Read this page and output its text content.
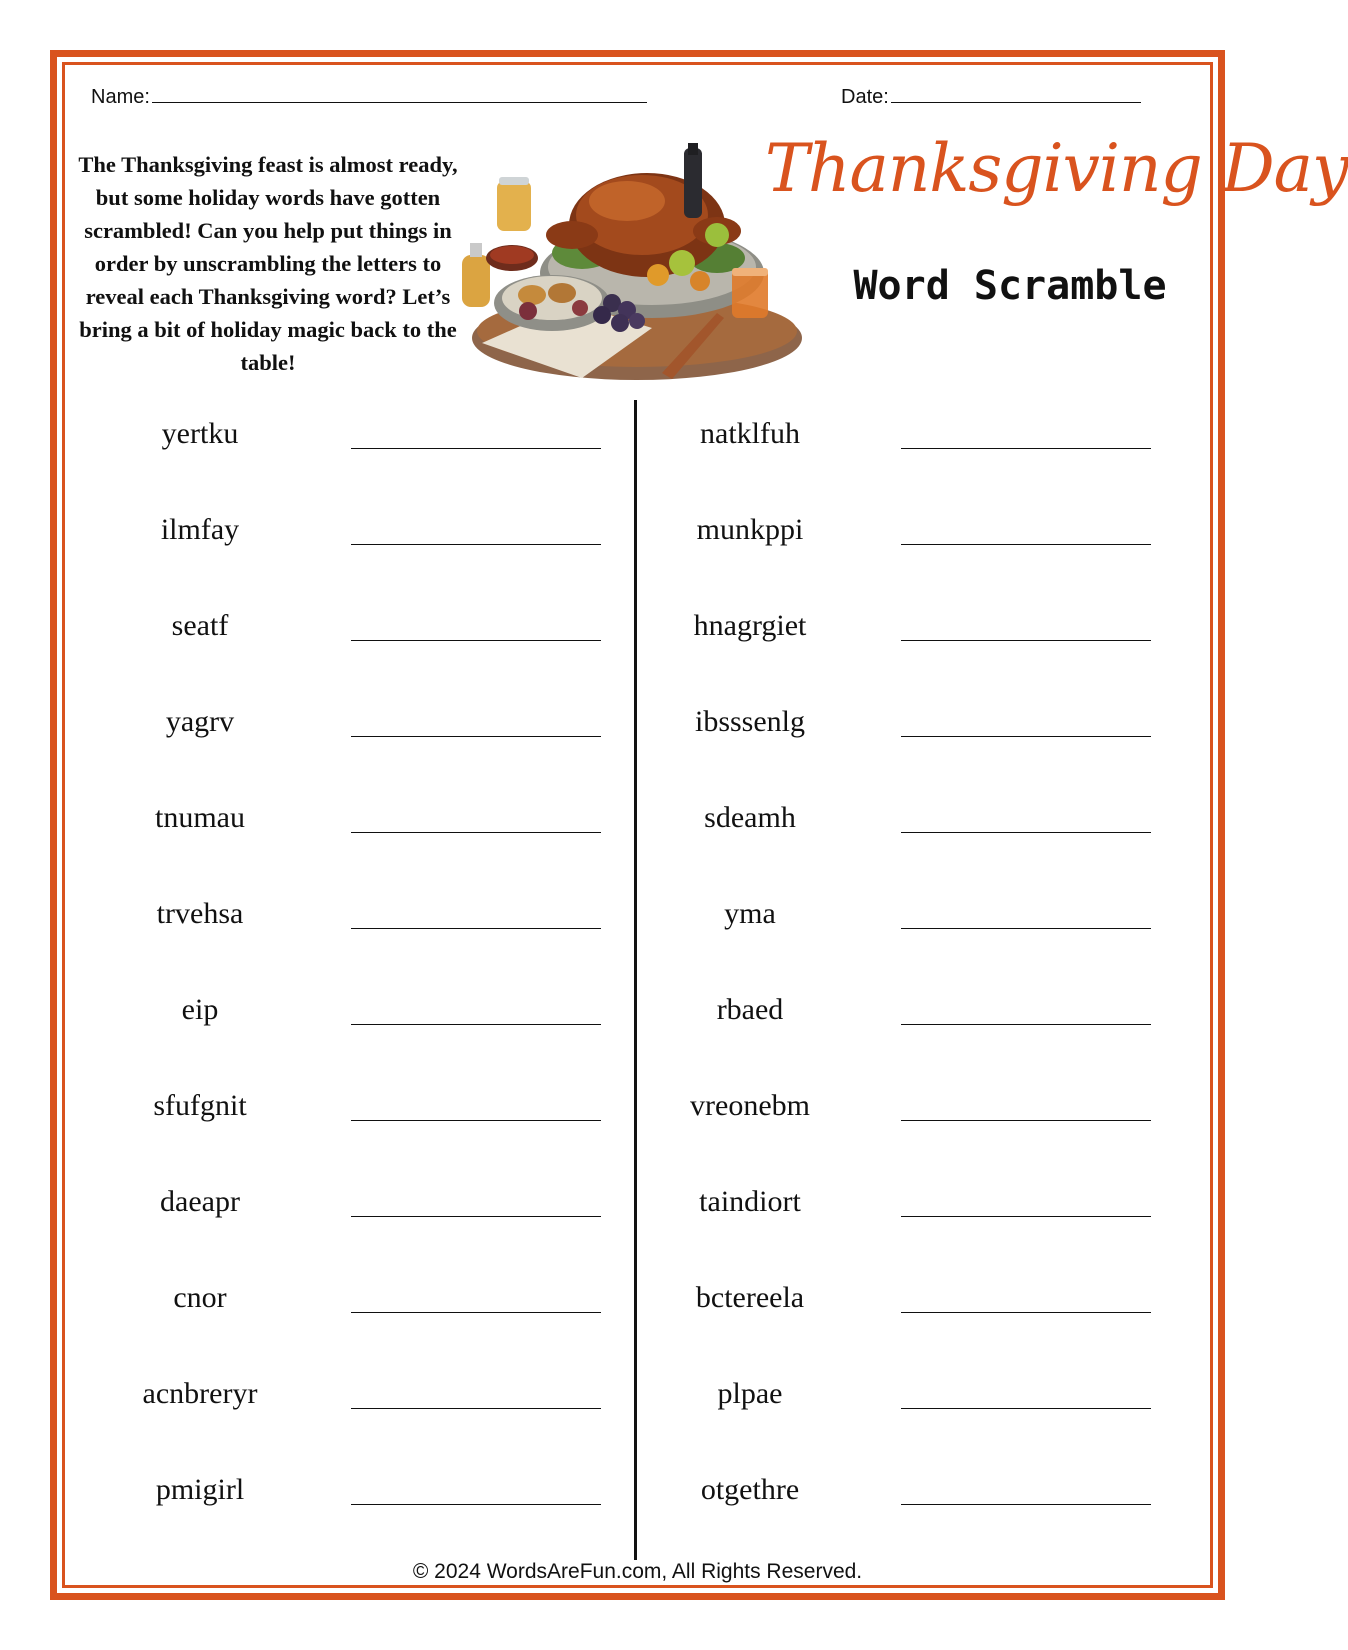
Name:	Date:
The Thanksgiving feast is almost ready, but some holiday words have gotten scrambled! Can you help put things in order by unscrambling the letters to reveal each Thanksgiving word? Let’s bring a bit of holiday magic back to the table!
Thanksgiving Day
Word Scramble
yertku
ilmfay
seatf
yagrv
tnumau
trvehsa
eip
sfufgnit
daeapr
cnor
acnbreryr
pmigirl
natklfuh
munkppi
hnagrgiet
ibsssenlg
sdeamh
yma
rbaed
vreonebm
taindiort
bctereela
plpae
otgethre
© 2024 WordsAreFun.com, All Rights Reserved.
